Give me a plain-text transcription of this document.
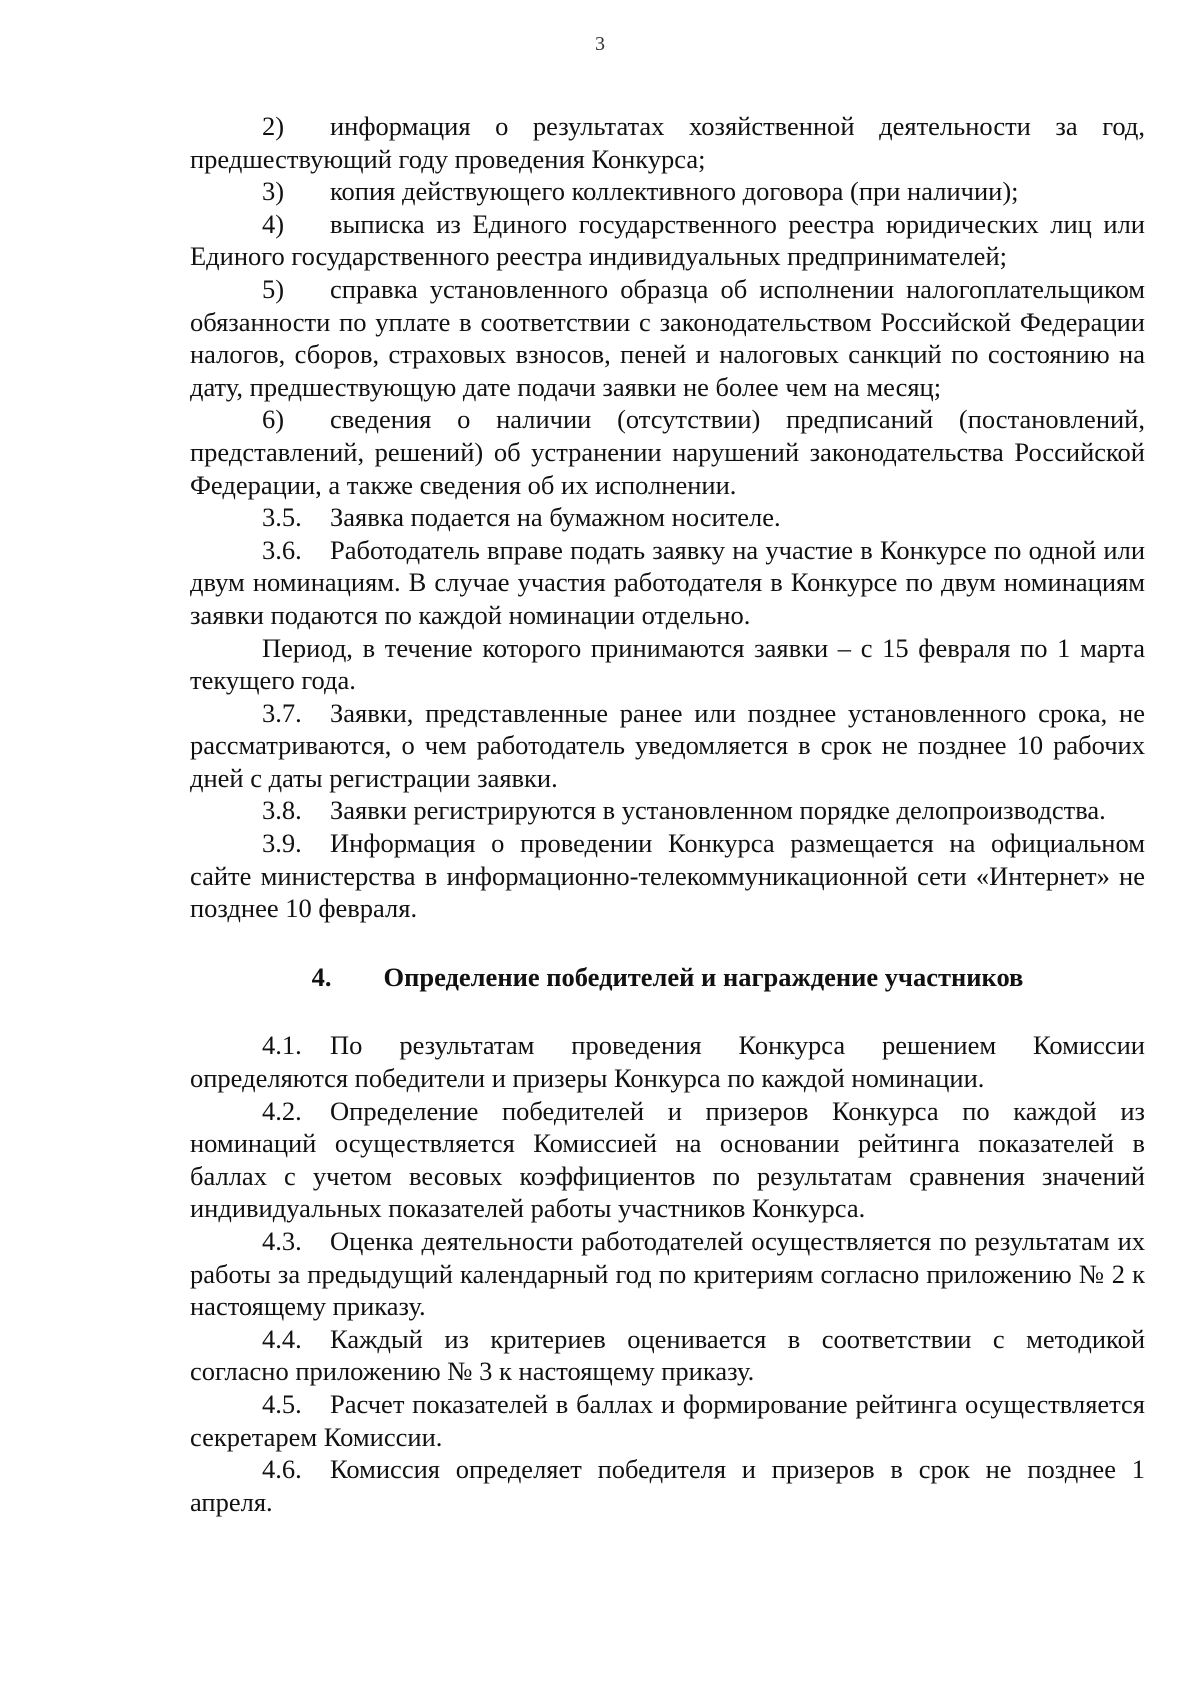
3

2) информация о результатах хозяйственной деятельности за год, предшествующий году проведения Конкурса;

3) копия действующего коллективного договора (при наличии);

4) выписка из Единого государственного реестра юридических лиц или Единого государственного реестра индивидуальных предпринимателей;

5) справка установленного образца об исполнении налогоплательщиком обязанности по уплате в соответствии с законодательством Российской Федерации налогов, сборов, страховых взносов, пеней и налоговых санкций по состоянию на дату, предшествующую дате подачи заявки не более чем на месяц;

6) сведения о наличии (отсутствии) предписаний (постановлений, представлений, решений) об устранении нарушений законодательства Российской Федерации, а также сведения об их исполнении.

3.5. Заявка подается на бумажном носителе.

3.6. Работодатель вправе подать заявку на участие в Конкурсе по одной или двум номинациям. В случае участия работодателя в Конкурсе по двум номинациям заявки подаются по каждой номинации отдельно.

Период, в течение которого принимаются заявки – с 15 февраля по 1 марта текущего года.

3.7. Заявки, представленные ранее или позднее установленного срока, не рассматриваются, о чем работодатель уведомляется в срок не позднее 10 рабочих дней с даты регистрации заявки.

3.8. Заявки регистрируются в установленном порядке делопроизводства.

3.9. Информация о проведении Конкурса размещается на официальном сайте министерства в информационно-телекоммуникационной сети «Интернет» не позднее 10 февраля.

4. Определение победителей и награждение участников

4.1. По результатам проведения Конкурса решением Комиссии определяются победители и призеры Конкурса по каждой номинации.

4.2. Определение победителей и призеров Конкурса по каждой из номинаций осуществляется Комиссией на основании рейтинга показателей в баллах с учетом весовых коэффициентов по результатам сравнения значений индивидуальных показателей работы участников Конкурса.

4.3. Оценка деятельности работодателей осуществляется по результатам их работы за предыдущий календарный год по критериям согласно приложению № 2 к настоящему приказу.

4.4. Каждый из критериев оценивается в соответствии с методикой согласно приложению № 3 к настоящему приказу.

4.5. Расчет показателей в баллах и формирование рейтинга осуществляется секретарем Комиссии.

4.6. Комиссия определяет победителя и призеров в срок не позднее 1 апреля.
